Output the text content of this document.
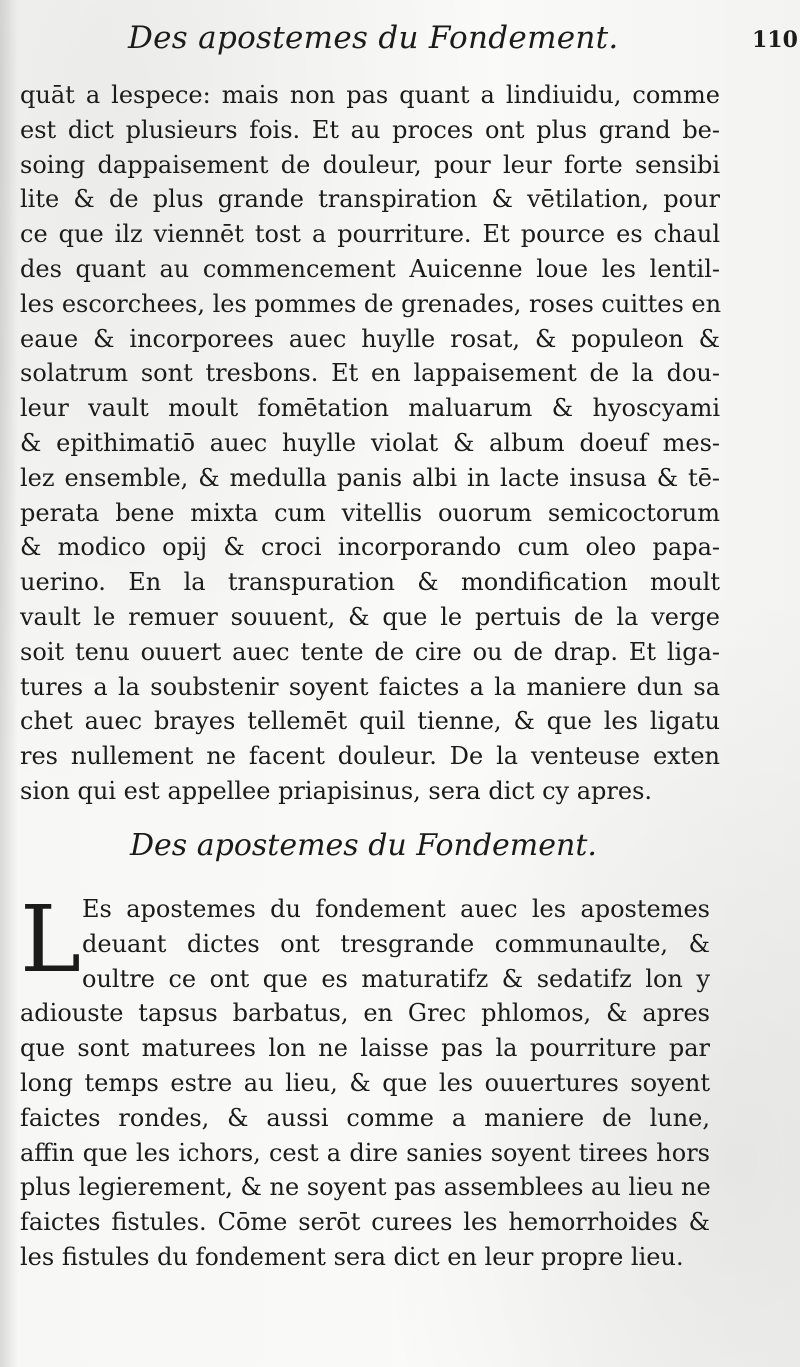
Des apostemes du Fondement.	110
quāt a lespece: mais non pas quant a lindiuidu, comme
est dict plusieurs fois. Et au proces ont plus grand be-
soing dappaisement de douleur, pour leur forte sensibi
lite & de plus grande transpiration & vētilation, pour
ce que ilz viennēt tost a pourriture. Et pource es chaul
des quant au commencement Auicenne loue les lentil-
les escorchees, les pommes de grenades, roses cuittes en
eaue & incorporees auec huylle rosat, & populeon &
solatrum sont tresbons. Et en lappaisement de la dou-
leur vault moult fomētation maluarum & hyoscyami
& epithimatiō auec huylle violat & album doeuf mes-
lez ensemble, & medulla panis albi in lacte insusa & tē-
perata bene mixta cum vitellis ouorum semicoctorum
& modico opij & croci incorporando cum oleo papa-
uerino. En la transpuration & mondification moult
vault le remuer souuent, & que le pertuis de la verge
soit tenu ouuert auec tente de cire ou de drap. Et liga-
tures a la soubstenir soyent faictes a la maniere dun sa
chet auec brayes tellemēt quil tienne, & que les ligatu
res nullement ne facent douleur. De la venteuse exten
sion qui est appellee priapisinus, sera dict cy apres.
Des apostemes du Fondement.
L Es apostemes du fondement auec les apostemes
deuant dictes ont tresgrande communaulte, &
oultre ce ont que es maturatifz & sedatifz lon y
adiouste tapsus barbatus, en Grec phlomos, & apres
que sont maturees lon ne laisse pas la pourriture par
long temps estre au lieu, & que les ouuertures soyent
faictes rondes, & aussi comme a maniere de lune,
affin que les ichors, cest a dire sanies soyent tirees hors
plus legierement, & ne soyent pas assemblees au lieu ne
faictes fistules. Cōme serōt curees les hemorrhoides &
les fistules du fondement sera dict en leur propre lieu.
